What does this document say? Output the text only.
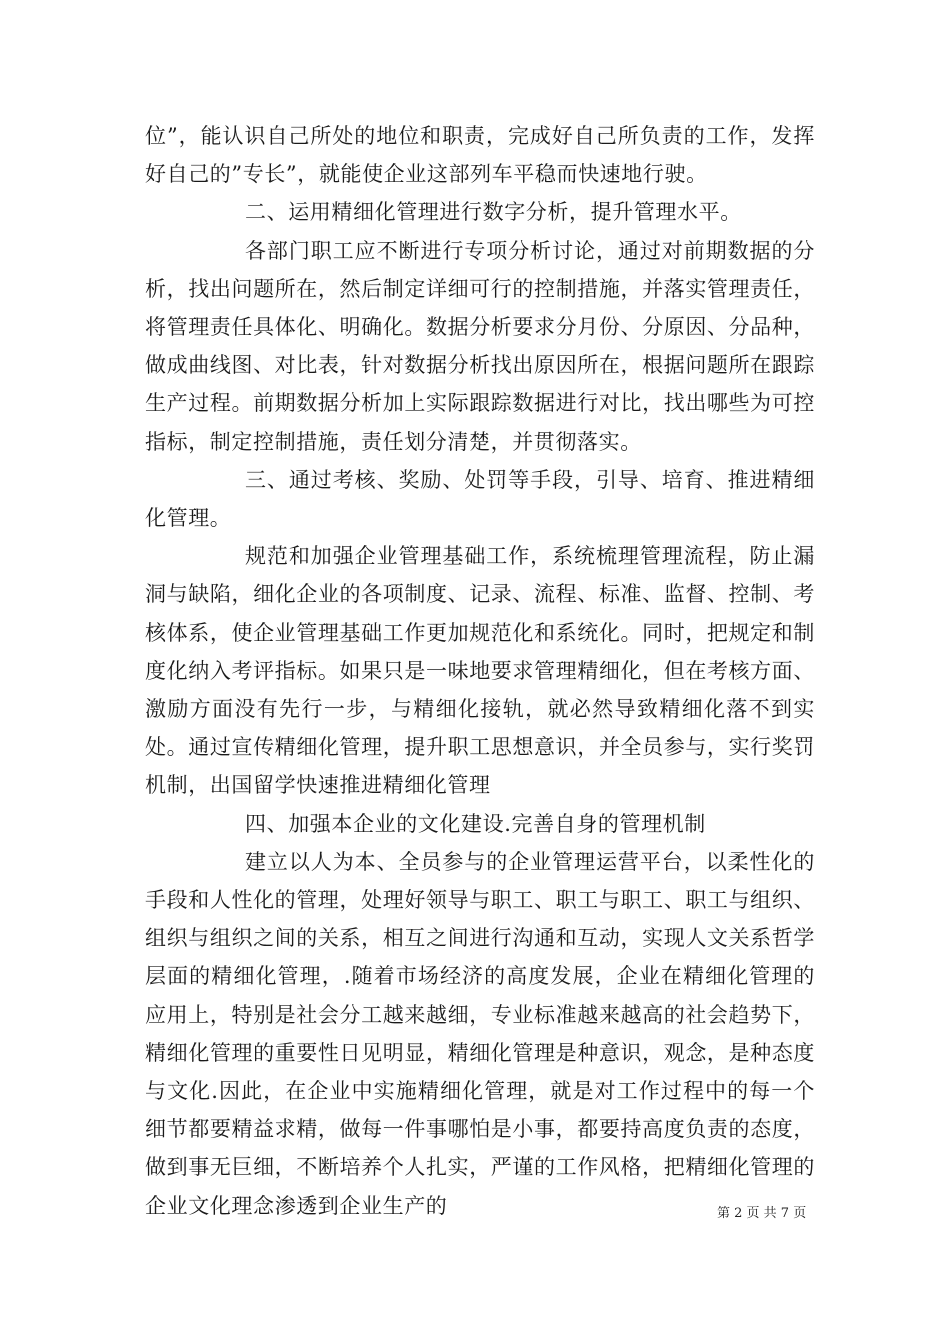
位”，能认识自己所处的地位和职责，完成好自己所负责的工作，发挥好自己的”专长”，就能使企业这部列车平稳而快速地行驶。

二、运用精细化管理进行数字分析，提升管理水平。

各部门职工应不断进行专项分析讨论，通过对前期数据的分析，找出问题所在，然后制定详细可行的控制措施，并落实管理责任，将管理责任具体化、明确化。数据分析要求分月份、分原因、分品种，做成曲线图、对比表，针对数据分析找出原因所在，根据问题所在跟踪生产过程。前期数据分析加上实际跟踪数据进行对比，找出哪些为可控指标，制定控制措施，责任划分清楚，并贯彻落实。

三、通过考核、奖励、处罚等手段，引导、培育、推进精细化管理。

规范和加强企业管理基础工作，系统梳理管理流程，防止漏洞与缺陷，细化企业的各项制度、记录、流程、标准、监督、控制、考核体系，使企业管理基础工作更加规范化和系统化。同时，把规定和制度化纳入考评指标。如果只是一味地要求管理精细化，但在考核方面、激励方面没有先行一步，与精细化接轨，就必然导致精细化落不到实处。通过宣传精细化管理，提升职工思想意识，并全员参与，实行奖罚机制，出国留学快速推进精细化管理

四、加强本企业的文化建设.完善自身的管理机制

建立以人为本、全员参与的企业管理运营平台，以柔性化的手段和人性化的管理，处理好领导与职工、职工与职工、职工与组织、组织与组织之间的关系，相互之间进行沟通和互动，实现人文关系哲学层面的精细化管理，.随着市场经济的高度发展，企业在精细化管理的应用上，特别是社会分工越来越细，专业标准越来越高的社会趋势下，精细化管理的重要性日见明显，精细化管理是种意识，观念，是种态度与文化.因此，在企业中实施精细化管理，就是对工作过程中的每一个细节都要精益求精，做每一件事哪怕是小事，都要持高度负责的态度，做到事无巨细，不断培养个人扎实，严谨的工作风格，把精细化管理的企业文化理念渗透到企业生产的	第 2 页 共 7 页
